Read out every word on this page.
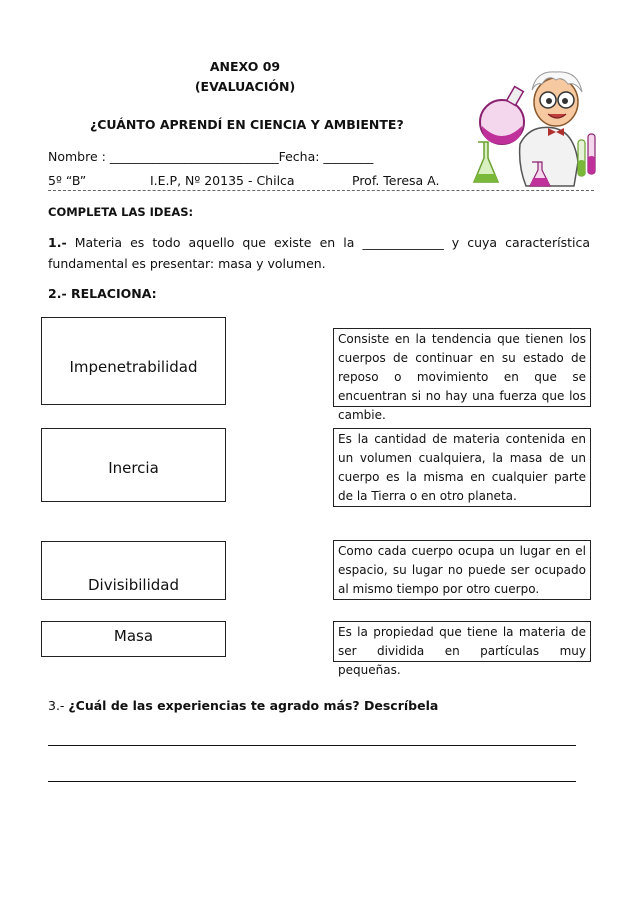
ANEXO 09
(EVALUACIÓN)
¿CUÁNTO APRENDÍ EN CIENCIA Y AMBIENTE?
Nombre : ___________________________Fecha: ________
5º “B”	I.E.P, Nº 20135 - Chilca	Prof. Teresa A.
COMPLETA LAS IDEAS:
1.- Materia es todo aquello que existe en la _____________ y cuya característica fundamental es presentar: masa y volumen.
2.- RELACIONA:
Impenetrabilidad
Inercia
Divisibilidad
Masa
Consiste en la tendencia que tienen los cuerpos de continuar en su estado de reposo o movimiento en que se encuentran si no hay una fuerza que los cambie.
Es la cantidad de materia contenida en un volumen cualquiera, la masa de un cuerpo es la misma en cualquier parte de la Tierra o en otro planeta.
Como cada cuerpo ocupa un lugar en el espacio, su lugar no puede ser ocupado al mismo tiempo por otro cuerpo.
Es la propiedad que tiene la materia de ser dividida en partículas muy pequeñas.
3.- ¿Cuál de las experiencias te agrado más? Descríbela
